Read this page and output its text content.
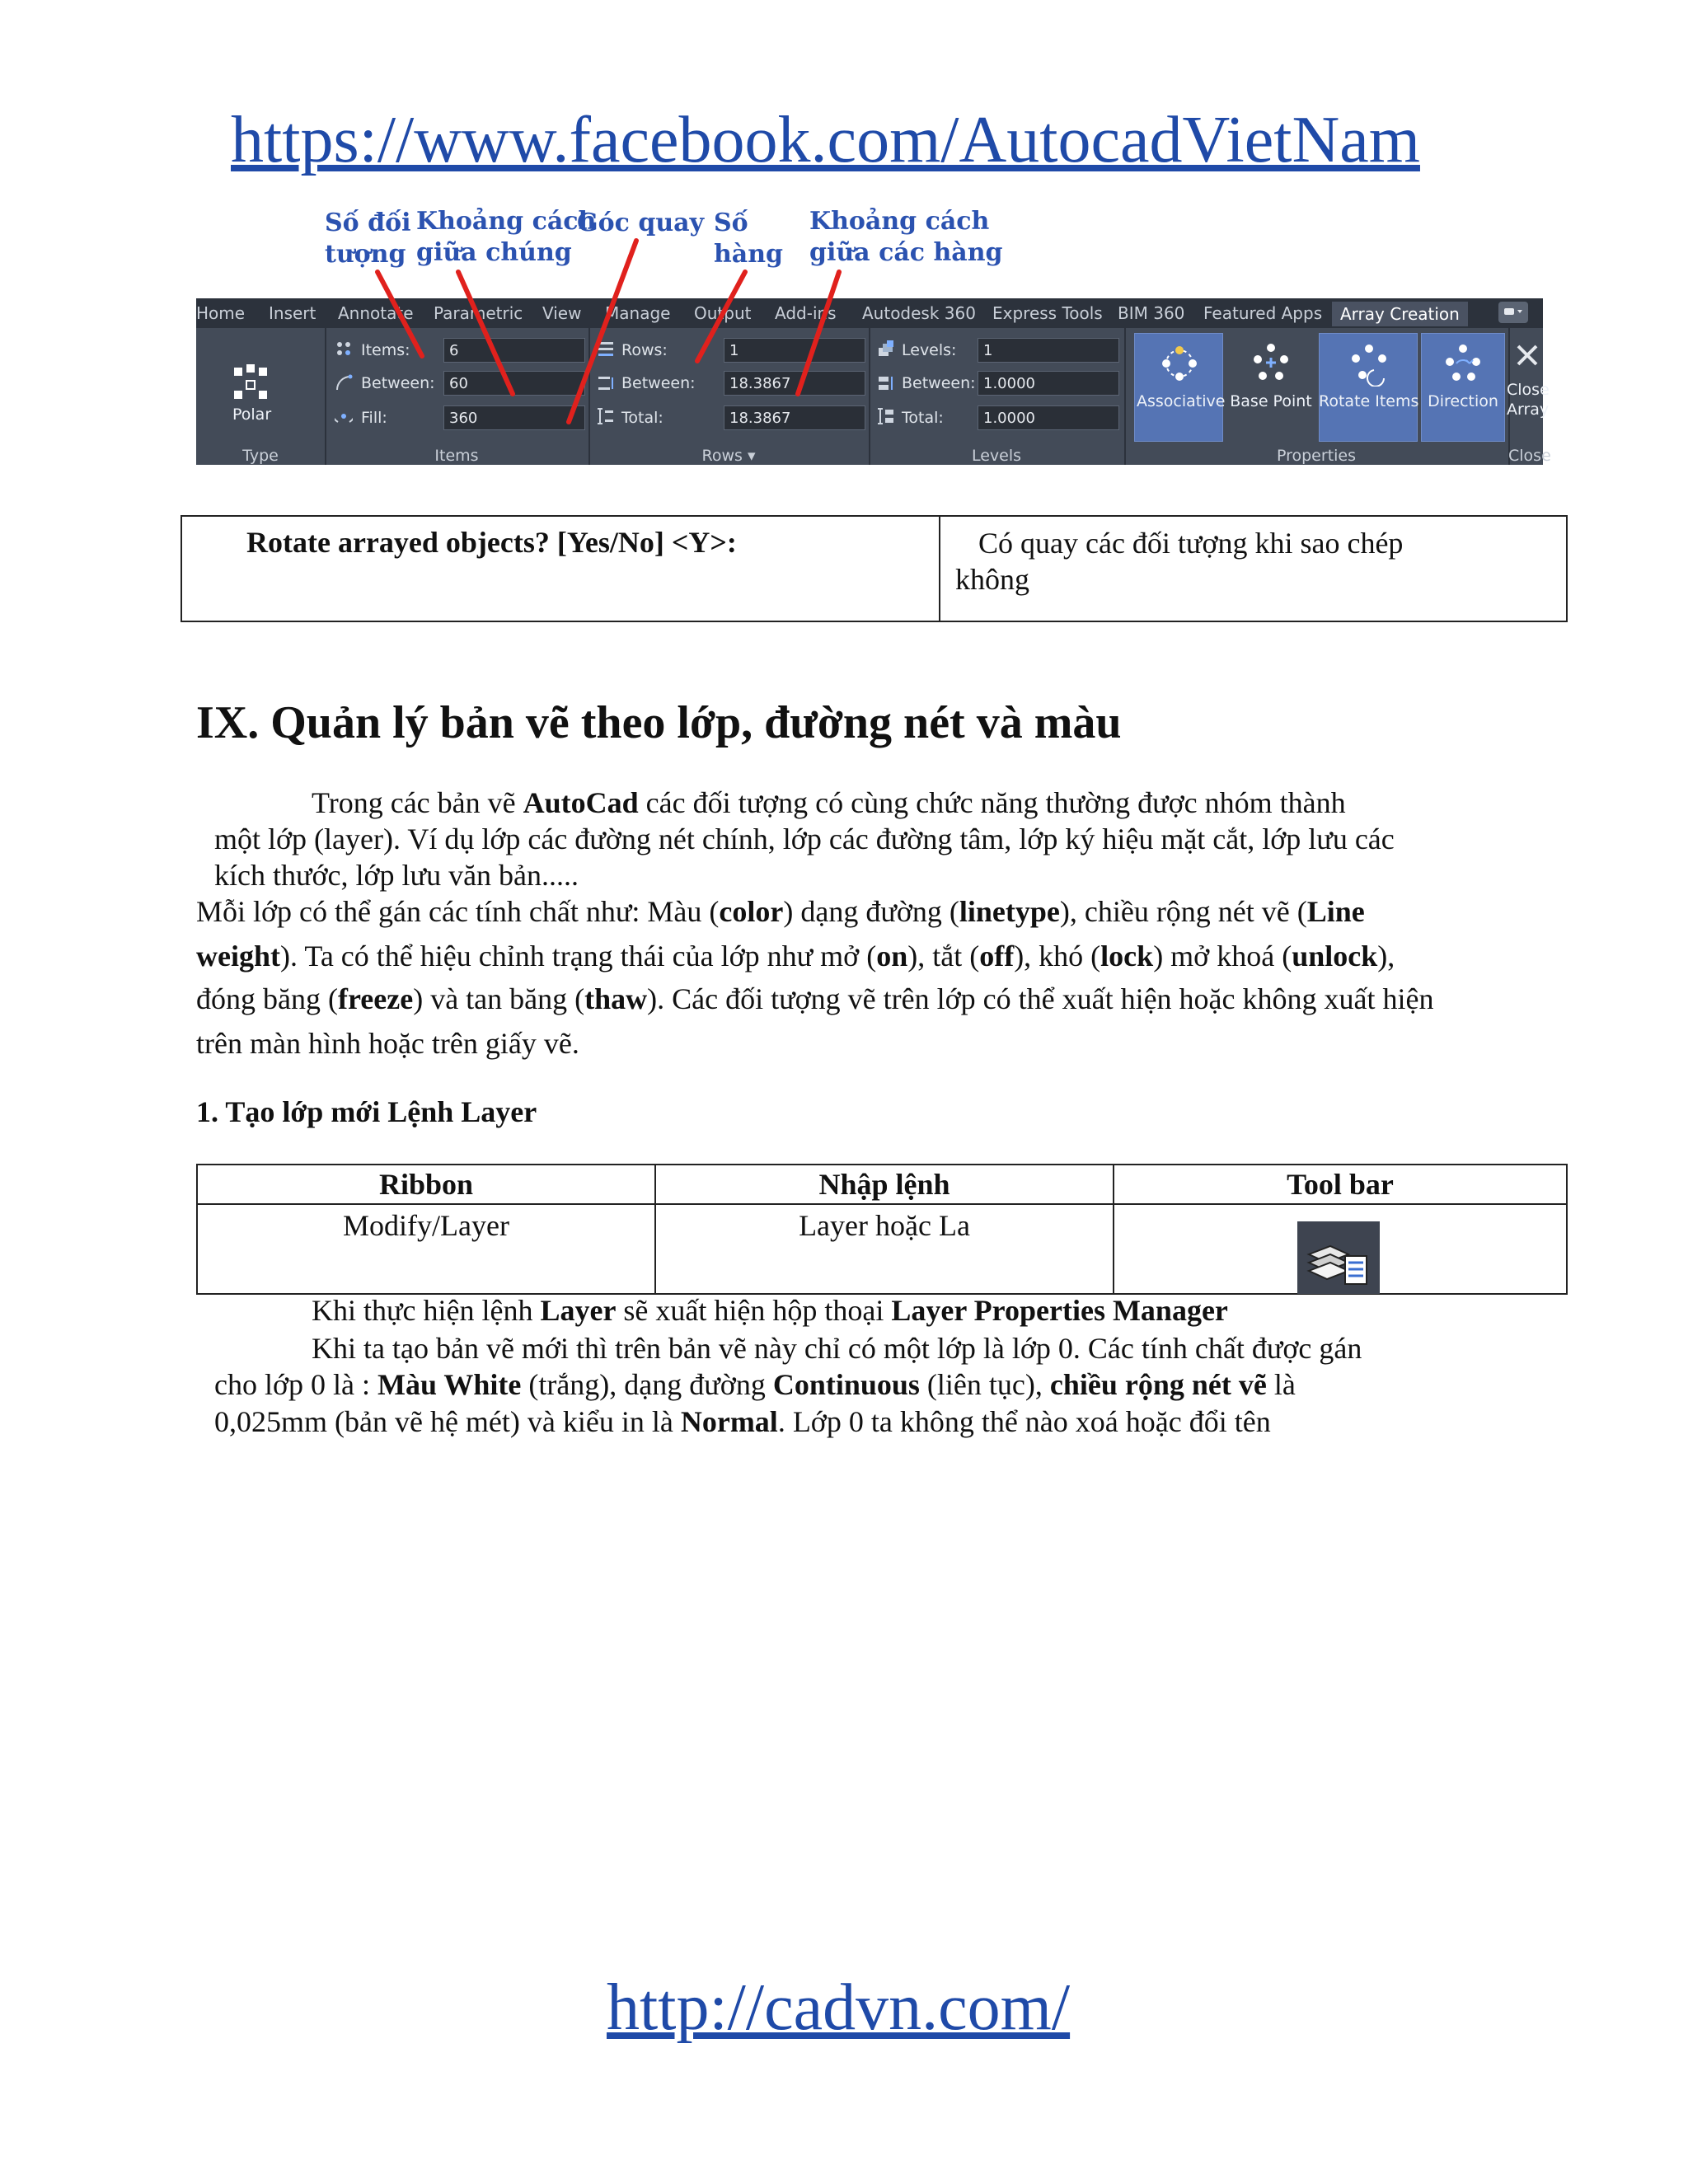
https://www.facebook.com/AutocadVietNam
Số đối
tượng
Khoảng cách
giữa chúng
Góc quay Số
hàng
Khoảng cách
giữa các hàng
Home Insert Annotate Parametric View Manage Output Add-ins Autodesk 360 Express Tools BIM 360 Featured Apps	Array Creation
Polar
Type
Items:	6
Between: 60
Fill:	360
Items
Rows:	1
Between:	18.3867
Total:	18.3867
Rows ▾
Levels:	1
Between: 1.0000
Total:	1.0000
Levels
Associative Base Point Rotate Items Direction
Properties
Close
Array
Close
Rotate arrayed objects? [Yes/No] <Y>:	Có quay các đối tượng khi sao chép
không
IX. Quản lý bản vẽ theo lớp, đường nét và màu
Trong các bản vẽ AutoCad các đối tượng có cùng chức năng thường được nhóm thành
một lớp (layer). Ví dụ lớp các đường nét chính, lớp các đường tâm, lớp ký hiệu mặt cắt, lớp lưu các
kích thước, lớp lưu văn bản.....
Mỗi lớp có thể gán các tính chất như: Màu (color) dạng đường (linetype), chiều rộng nét vẽ (Line
weight). Ta có thể hiệu chỉnh trạng thái của lớp như mở (on), tắt (off), khó (lock) mở khoá (unlock),
đóng băng (freeze) và tan băng (thaw). Các đối tượng vẽ trên lớp có thể xuất hiện hoặc không xuất hiện
trên màn hình hoặc trên giấy vẽ.
1. Tạo lớp mới Lệnh Layer
Ribbon	Nhập lệnh	Tool bar
Modify/Layer	Layer hoặc La	
Khi thực hiện lệnh Layer sẽ xuất hiện hộp thoại Layer Properties Manager
Khi ta tạo bản vẽ mới thì trên bản vẽ này chỉ có một lớp là lớp 0. Các tính chất được gán
cho lớp 0 là : Màu White (trắng), dạng đường Continuous (liên tục), chiều rộng nét vẽ là
0,025mm (bản vẽ hệ mét) và kiểu in là Normal. Lớp 0 ta không thể nào xoá hoặc đổi tên
http://cadvn.com/
